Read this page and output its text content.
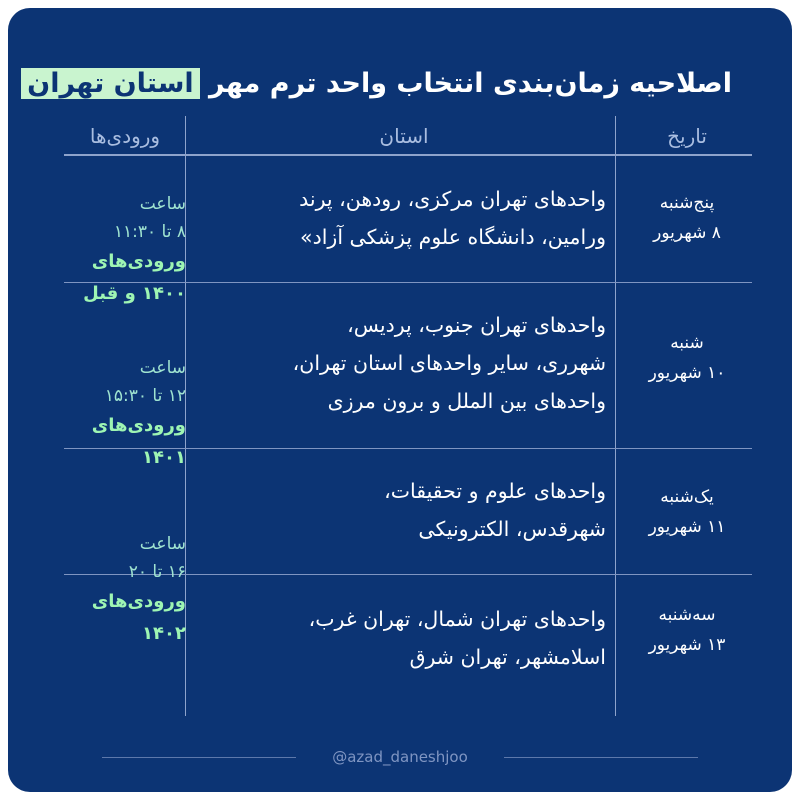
اصلاحیه زمان‌بندی انتخاب واحد ترم مهر استان تهران
تاریخ
استان
ورودی‌ها
پنج‌شنبه
۸ شهریور
واحدهای تهران مرکزی، رودهن، پرند
ورامین، دانشگاه علوم پزشکی آزاد»
شنبه
۱۰ شهریور
واحدهای تهران جنوب، پردیس،
شهرری، سایر واحدهای استان تهران،
واحدهای بین الملل و برون مرزی
یک‌شنبه
۱۱ شهریور
واحدهای علوم و تحقیقات،
شهرقدس، الکترونیکی
سه‌شنبه
۱۳ شهریور
واحدهای تهران شمال، تهران غرب،
اسلامشهر، تهران شرق
ساعت
۸ تا ۱۱:۳۰
ورودی‌های
۱۴۰۰ و قبل
ساعت
۱۲ تا ۱۵:۳۰
ورودی‌های
۱۴۰۱
ساعت
۱۶ تا ۲۰
ورودی‌های
۱۴۰۲
@azad_daneshjoo
